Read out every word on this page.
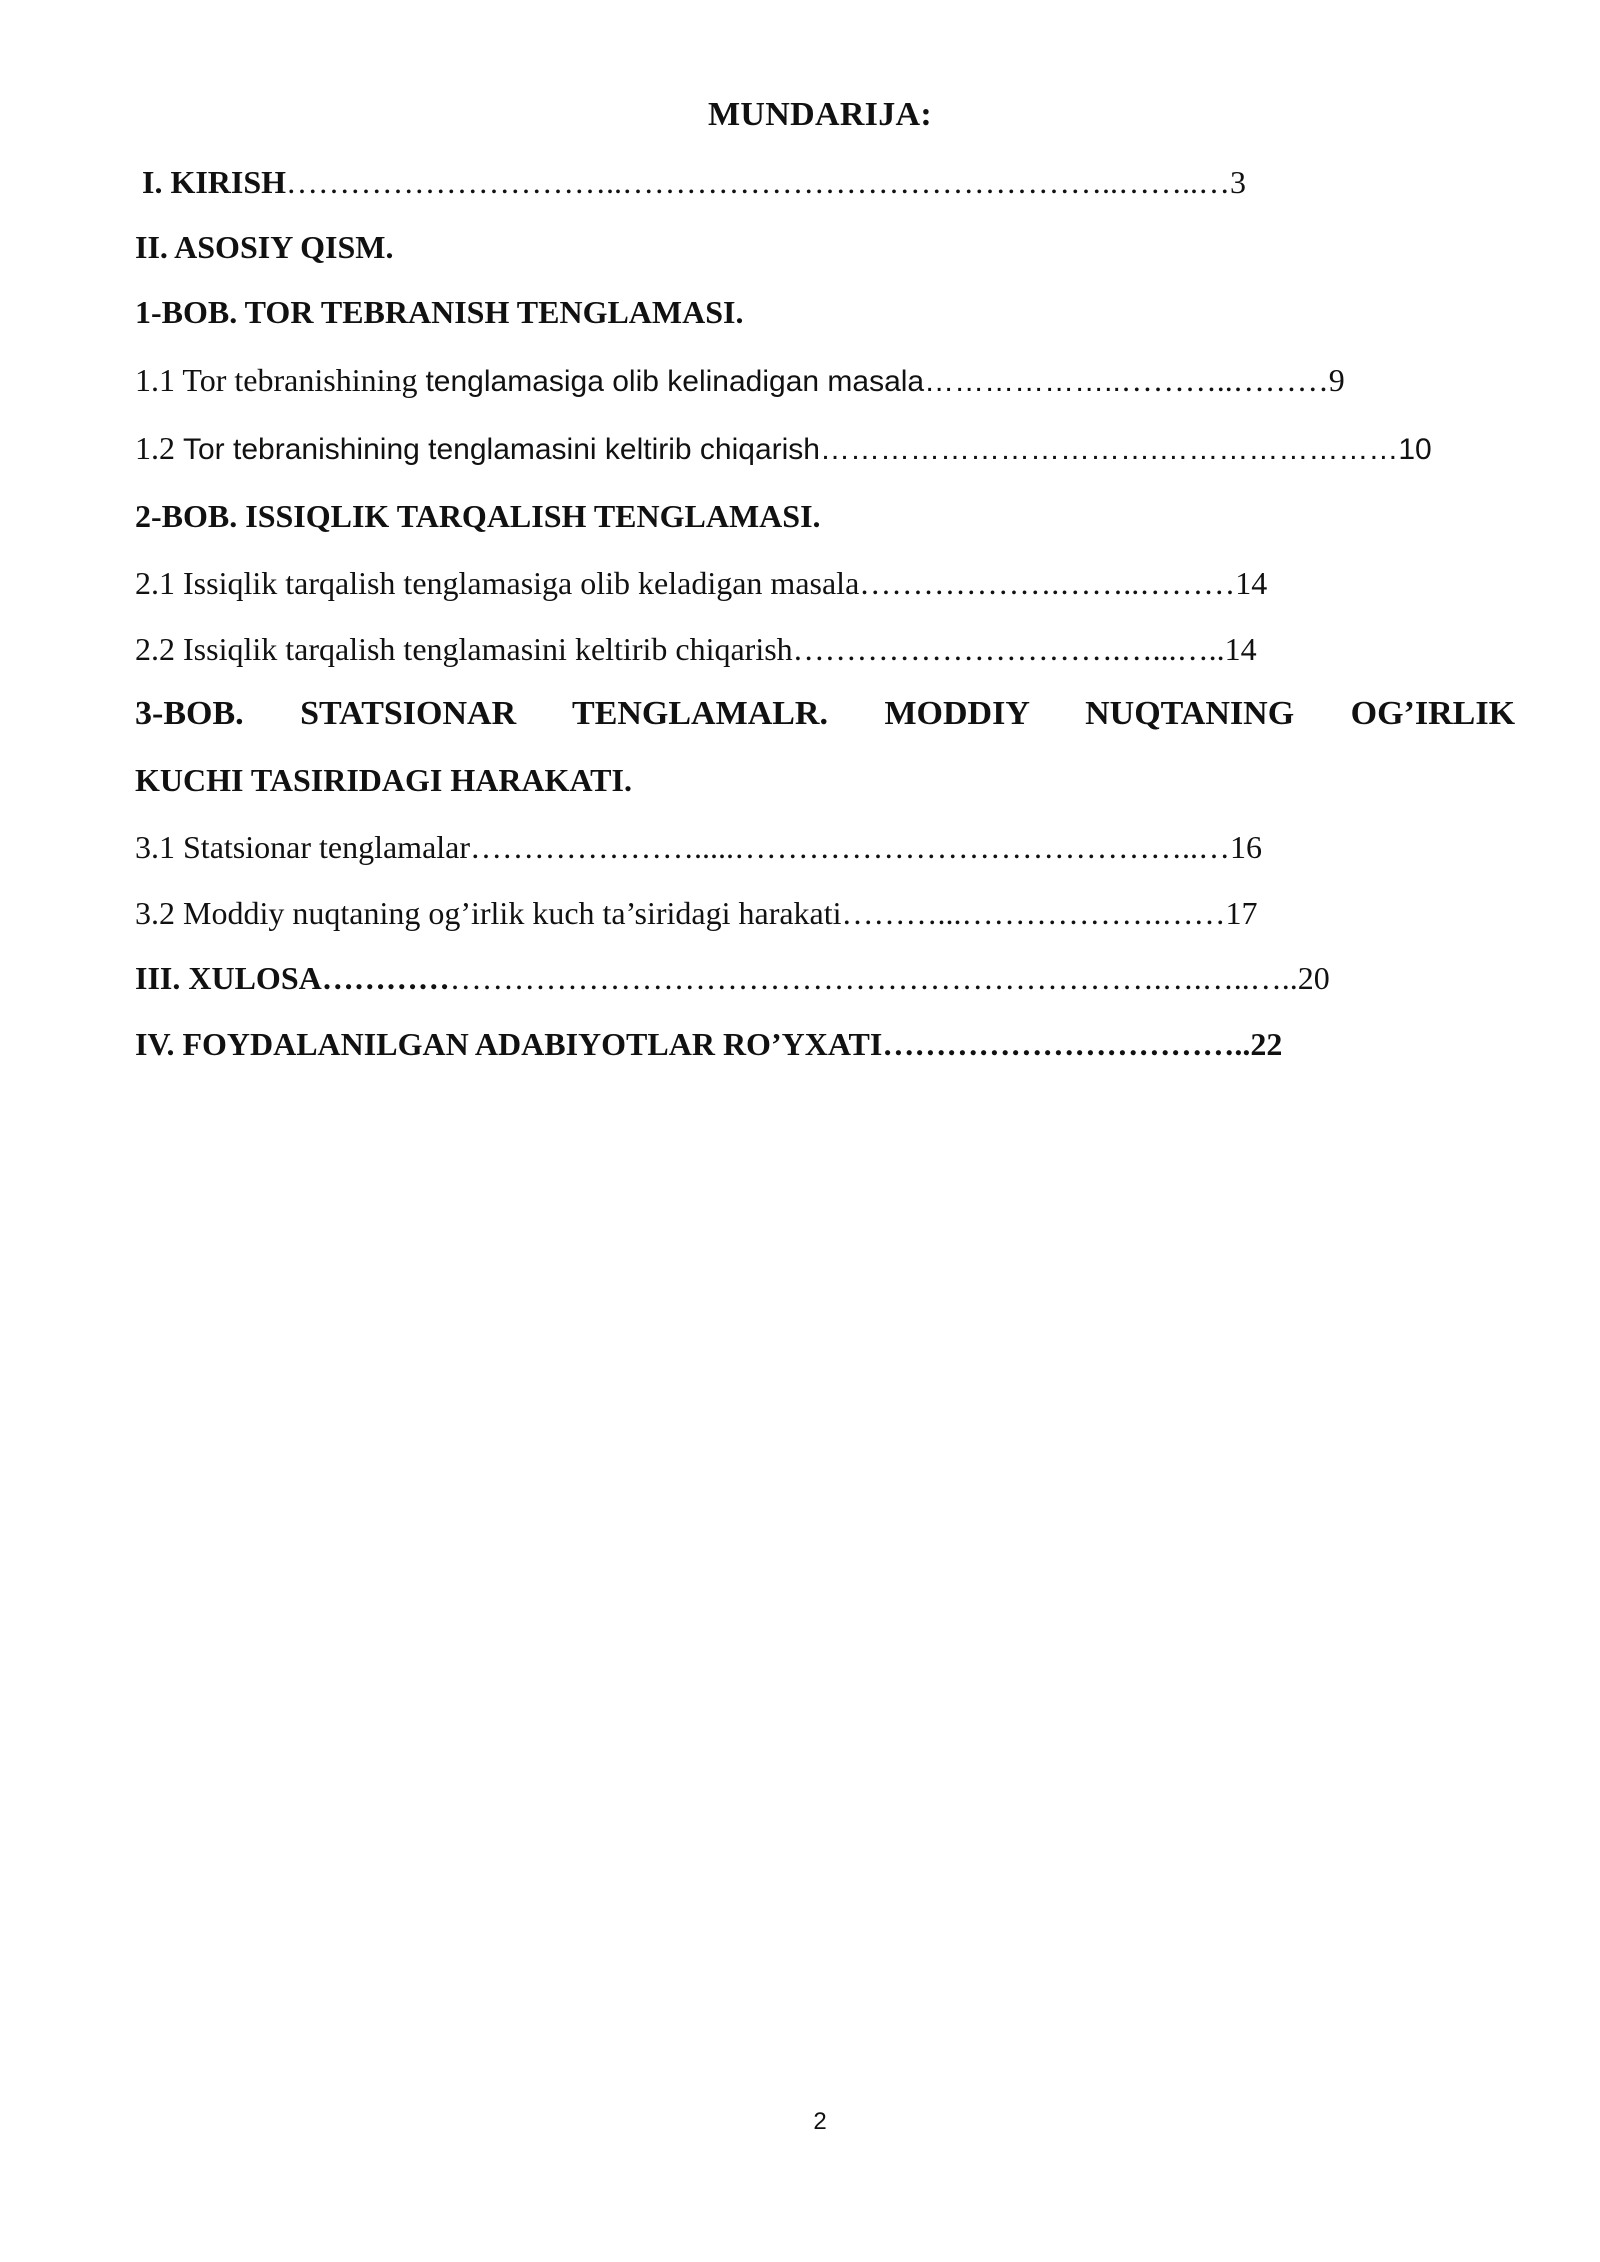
MUNDARIJA:
I. KIRISH…………………………..………………………………………..……..…3
II. ASOSIY QISM.
1-BOB. TOR TEBRANISH TENGLAMASI.
1.1 Tor tebranishining tenglamasiga olib kelinadigan masala………………..………..………9
1.2 Tor tebranishining tenglamasini keltirib chiqarish…………………………….……………………10
2-BOB. ISSIQLIK TARQALISH TENGLAMASI.
2.1 Issiqlik tarqalish tenglamasiga olib keladigan masala……………….……..………14
2.2 Issiqlik tarqalish tenglamasini keltirib chiqarish………………………….…...…..14
3-BOB. STATSIONAR TENGLAMALR. MODDIY NUQTANING OG’IRLIK
KUCHI TASIRIDAGI HARAKATI.
3.1 Statsionar tenglamalar………………….....……………………………………..…16
3.2 Moddiy nuqtaning og’irlik kuch ta’siridagi harakati………...……………….……17
III. XULOSA…………………………………………………………………….….…..…..20
IV. FOYDALANILGAN ADABIYOTLAR RO’YXATI……………………………..22
2
